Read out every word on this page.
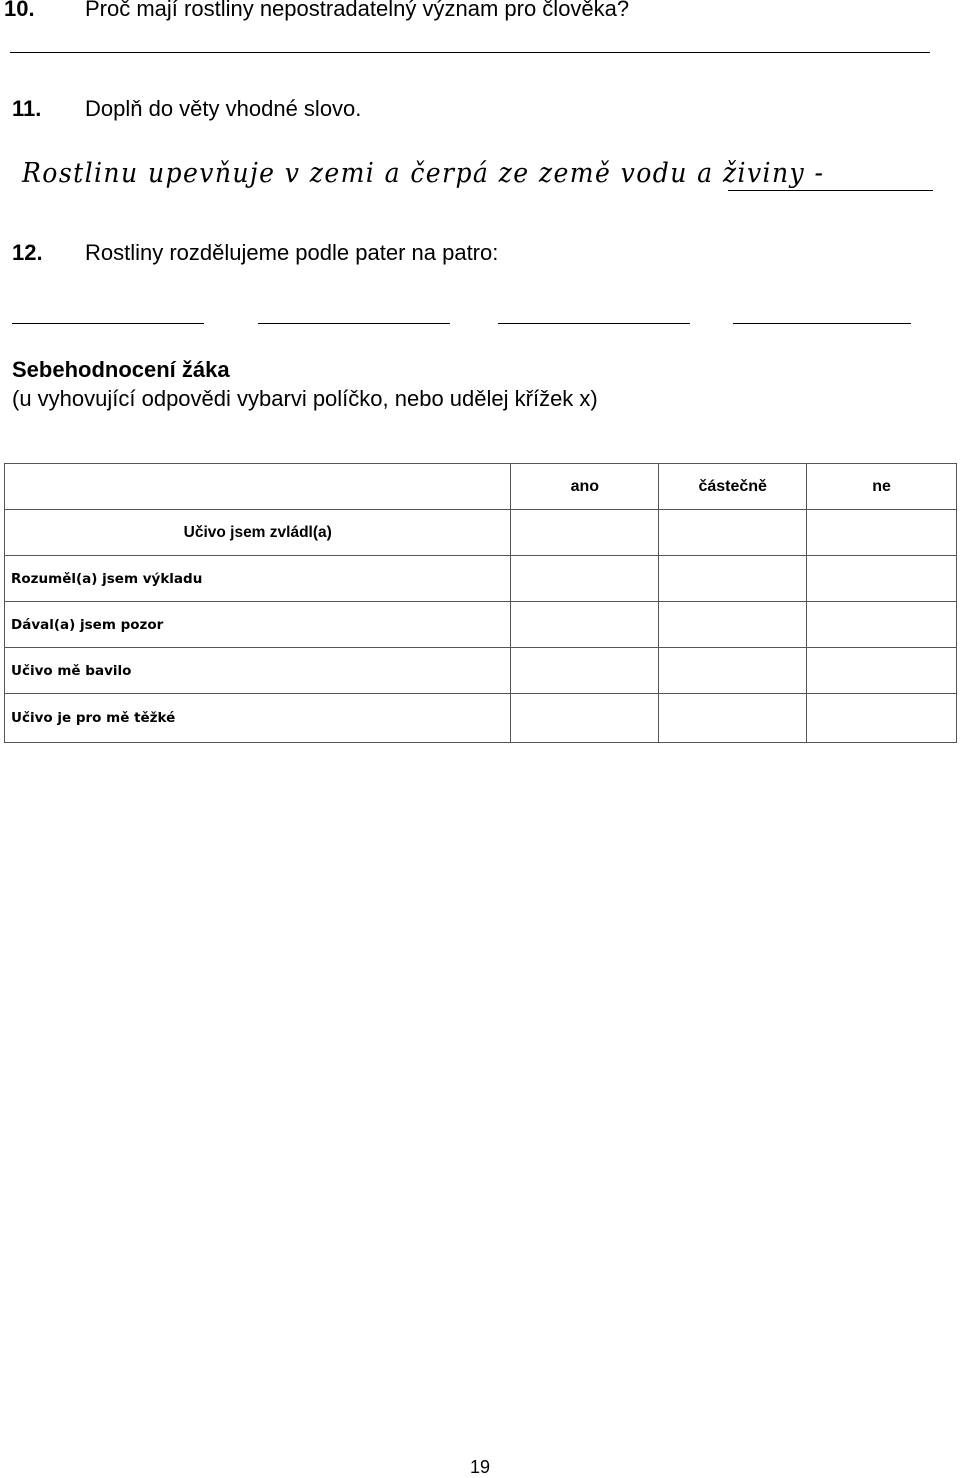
10. Proč mají rostliny nepostradatelný význam pro člověka?
11. Doplň do věty vhodné slovo.
Rostlinu upevňuje v zemi a čerpá ze země vodu a živiny -
12. Rostliny rozdělujeme podle pater na patro:
Sebehodnocení žáka
(u vyhovující odpovědi vybarvi políčko, nebo udělej křížek x)
	ano	částečně	ne
Učivo jsem zvládl(a)			
Rozuměl(a) jsem výkladu			
Dával(a) jsem pozor			
Učivo mě bavilo			
Učivo je pro mě těžké			
19
